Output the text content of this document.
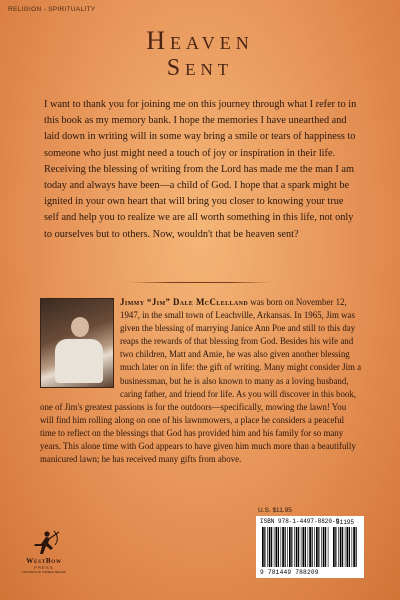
RELIGION - SPIRITUALITY
Heaven
Sent
I want to thank you for joining me on this journey through what I refer to in this book as my memory bank. I hope the memories I have unearthed and laid down in writing will in some way bring a smile or tears of happiness to someone who just might need a touch of joy or inspiration in their life. Receiving the blessing of writing from the Lord has made me the man I am today and always have been—a child of God. I hope that a spark might be ignited in your own heart that will bring you closer to knowing your true self and help you to realize we are all worth something in this life, not only to ourselves but to others. Now, wouldn't that be heaven sent?
Jimmy “Jim” Dale McClelland was born on November 12, 1947, in the small town of Leachville, Arkansas. In 1965, Jim was given the blessing of marrying Janice Ann Poe and still to this day reaps the rewards of that blessing from God. Besides his wife and two children, Matt and Amie, he was also given another blessing much later on in life: the gift of writing. Many might consider Jim a businessman, but he is also known to many as a loving husband, caring father, and friend for life. As you will discover in this book, one of Jim's greatest passions is for the outdoors—specifically, mowing the lawn! You will find him rolling along on one of his lawnmowers, a place he considers a peaceful time to reflect on the blessings that God has provided him and his family for so many years. This alone time with God appears to have given him much more than a beautifully manicured lawn; he has received many gifts from above.
U.S. $11.95
ISBN 978-1-4497-8820-9
51195
9 781449 788209
WestBow
PRESS
A DIVISION OF THOMAS NELSON
